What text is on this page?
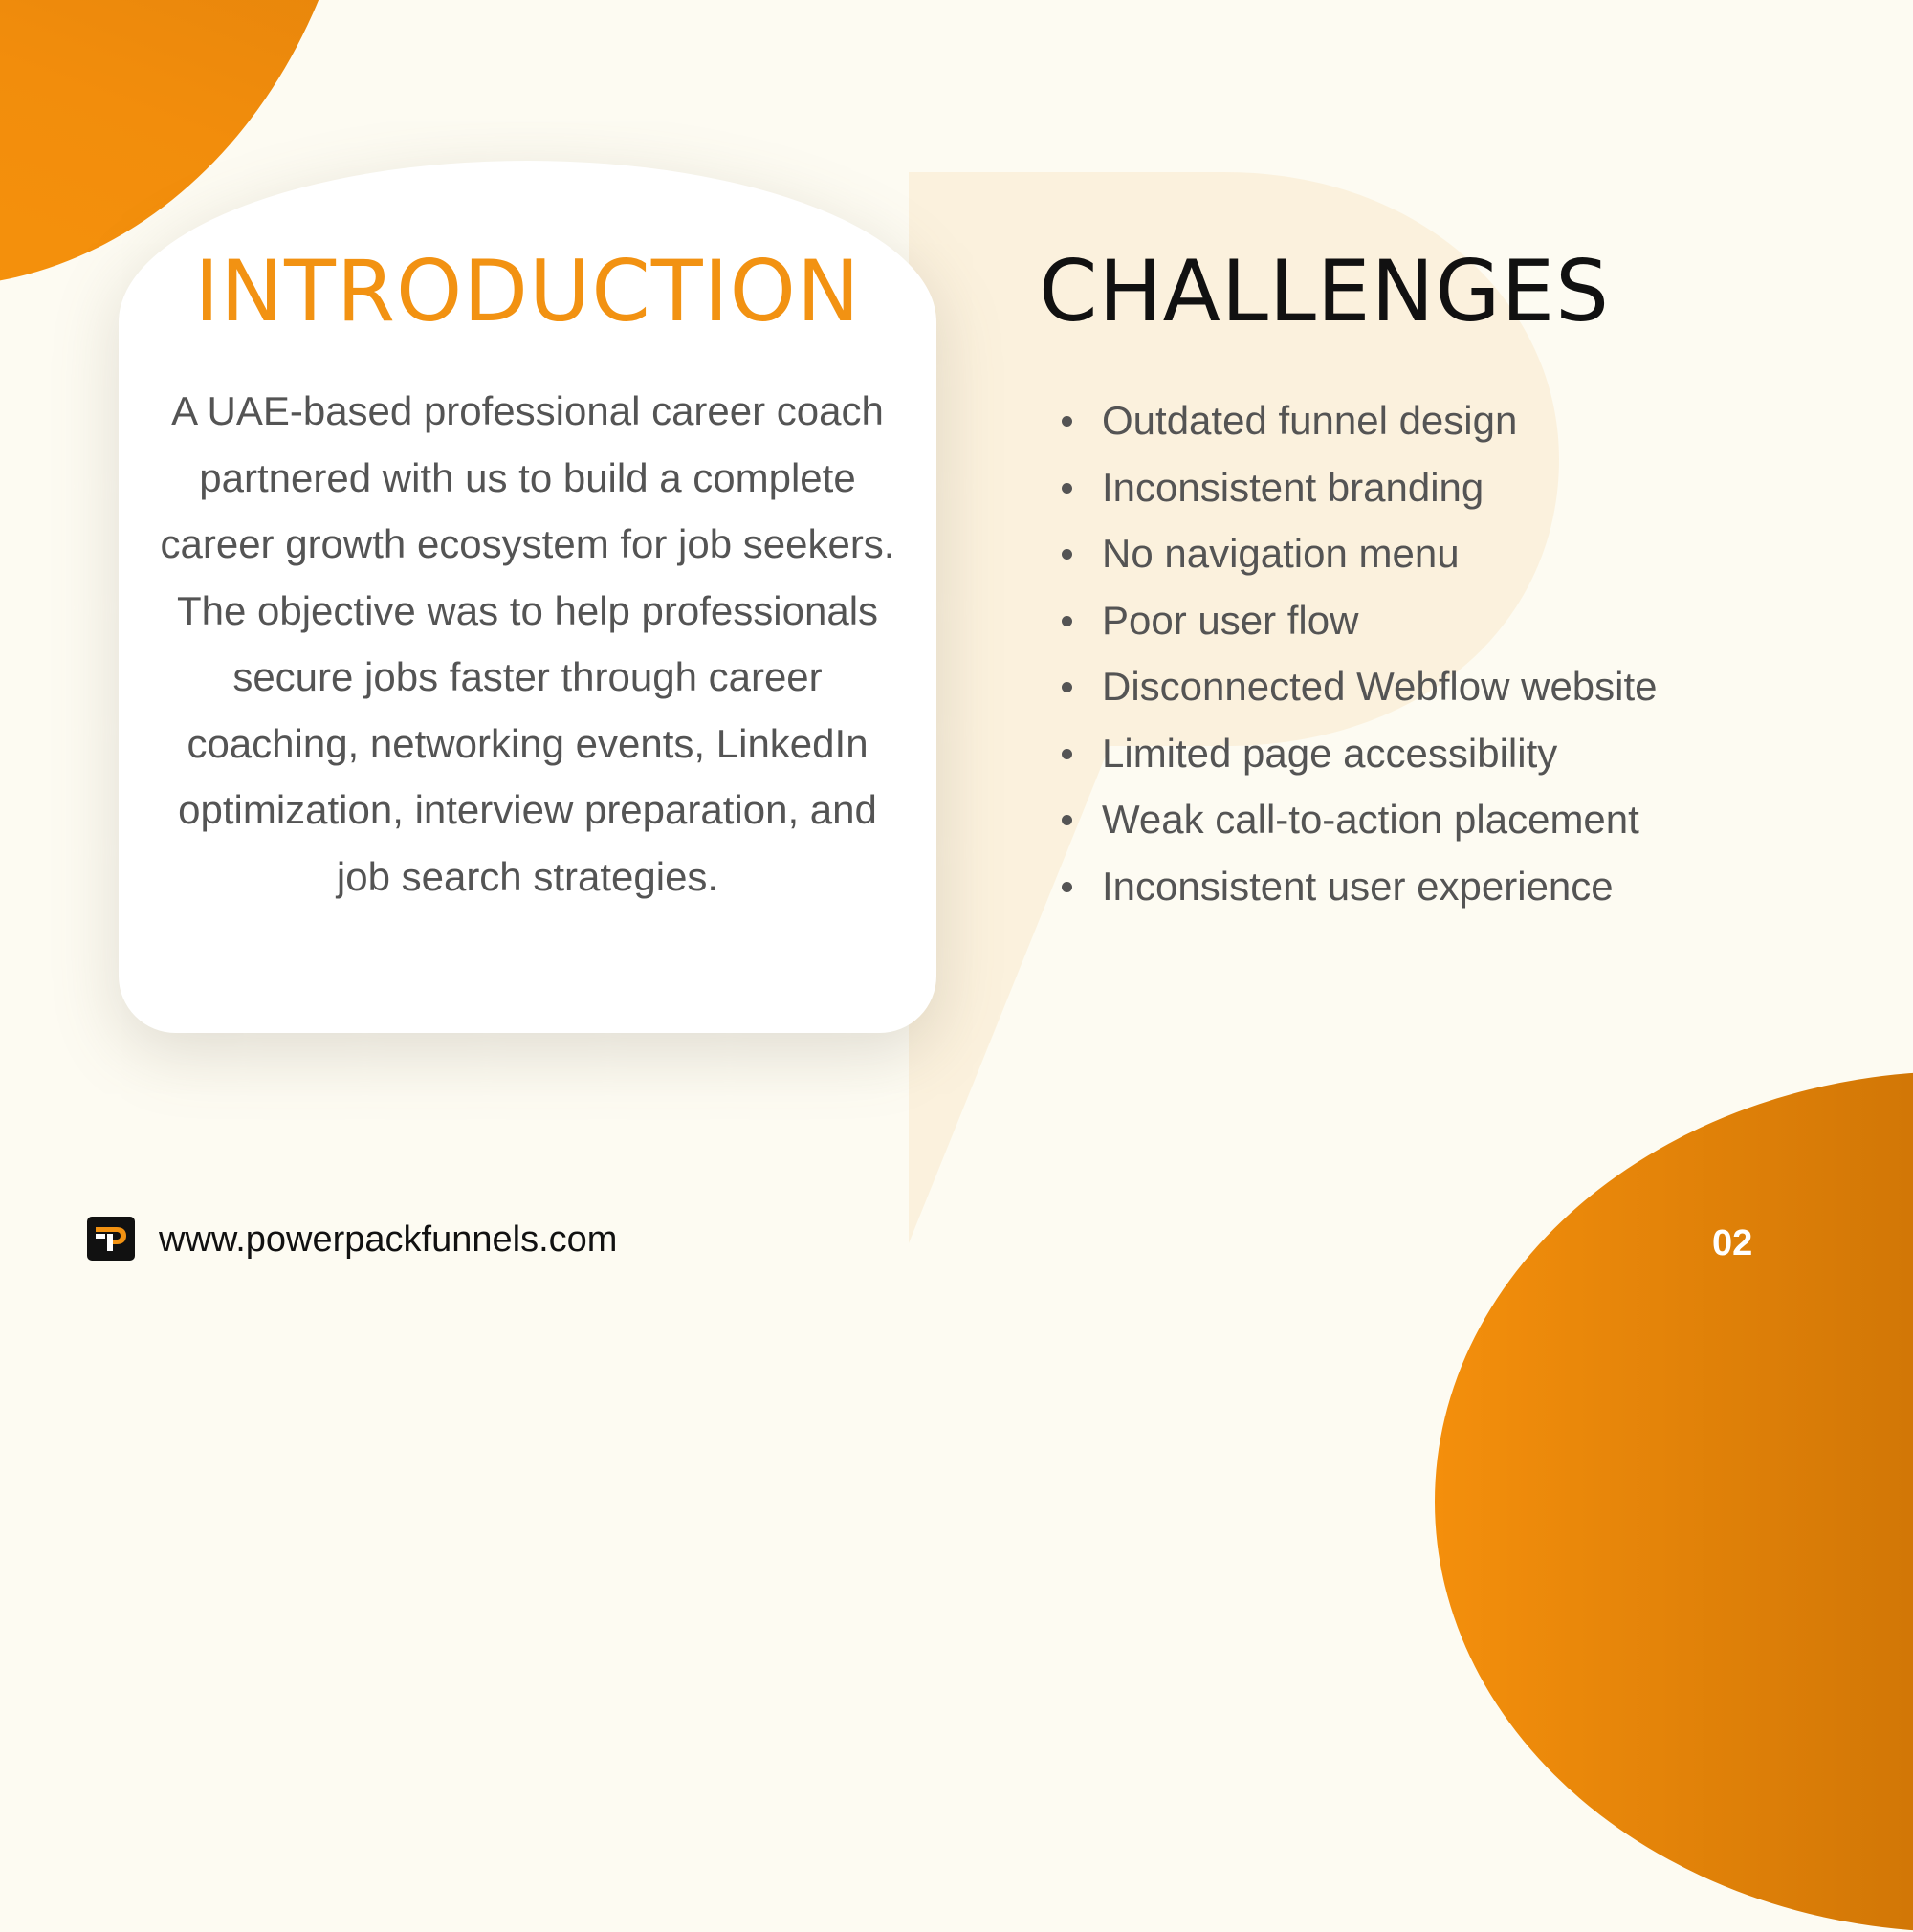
INTRODUCTION

A UAE-based professional career coach partnered with us to build a complete career growth ecosystem for job seekers. The objective was to help professionals secure jobs faster through career coaching, networking events, LinkedIn optimization, interview preparation, and job search strategies.

CHALLENGES
Outdated funnel design
Inconsistent branding
No navigation menu
Poor user flow
Disconnected Webflow website
Limited page accessibility
Weak call-to-action placement
Inconsistent user experience

www.powerpackfunnels.com	02
